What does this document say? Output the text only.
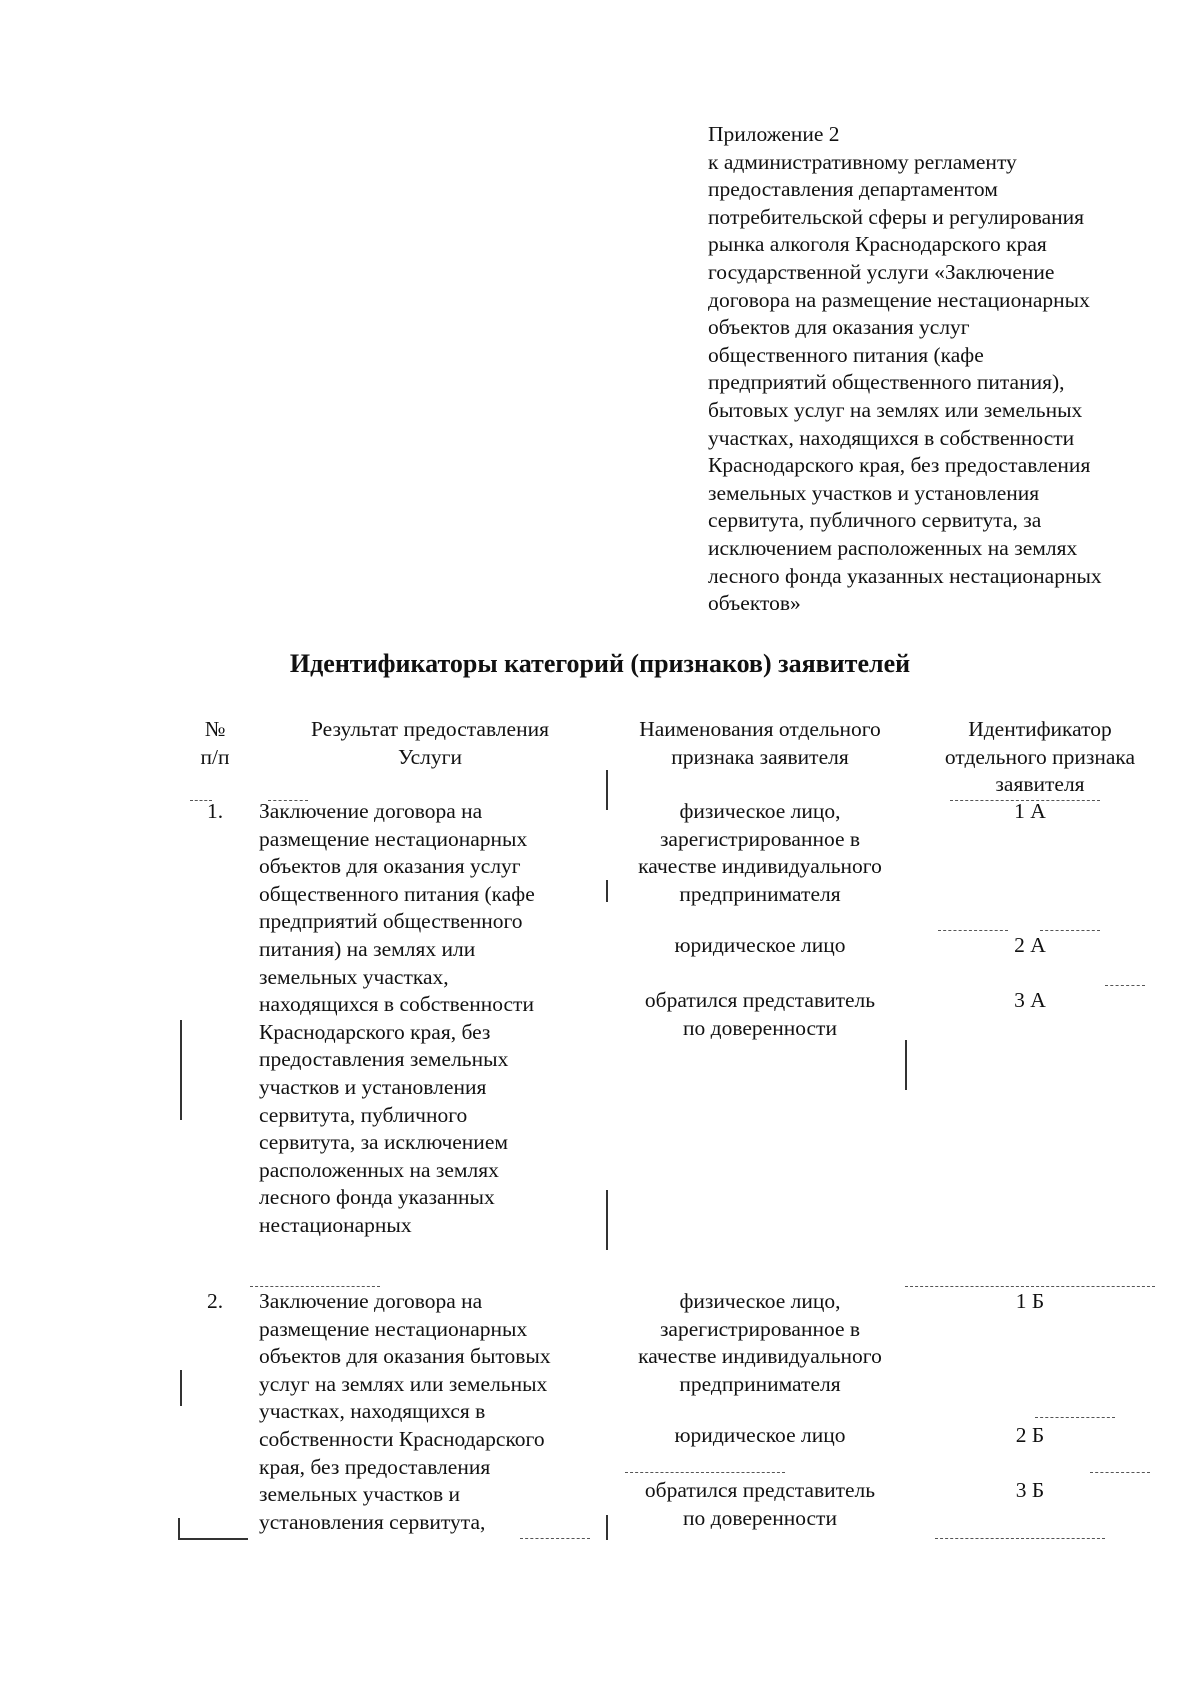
Приложение 2
к административному регламенту
предоставления департаментом
потребительской сферы и регулирования
рынка алкоголя Краснодарского края
государственной услуги «Заключение
договора на размещение нестационарных
объектов для оказания услуг
общественного питания (кафе
предприятий общественного питания),
бытовых услуг на землях или земельных
участках, находящихся в собственности
Краснодарского края, без предоставления
земельных участков и установления
сервитута, публичного сервитута, за
исключением расположенных на землях
лесного фонда указанных нестационарных
объектов»
Идентификаторы категорий (признаков) заявителей
№
п/п
Результат предоставления
Услуги
Наименования отдельного
признака заявителя
Идентификатор
отдельного признака
заявителя
1.	Заключение договора на
размещение нестационарных
объектов для оказания услуг
общественного питания (кафе
предприятий общественного
питания) на землях или
земельных участках,
находящихся в собственности
Краснодарского края, без
предоставления земельных
участков и установления
сервитута, публичного
сервитута, за исключением
расположенных на землях
лесного фонда указанных
нестационарных
физическое лицо,
зарегистрированное в
качестве индивидуального
предпринимателя
юридическое лицо
обратился представитель
по доверенности
1 А
2 А
3 А
2.	Заключение договора на
размещение нестационарных
объектов для оказания бытовых
услуг на землях или земельных
участках, находящихся в
собственности Краснодарского
края, без предоставления
земельных участков и
установления сервитута,
физическое лицо,
зарегистрированное в
качестве индивидуального
предпринимателя
юридическое лицо
обратился представитель
по доверенности
1 Б
2 Б
3 Б
